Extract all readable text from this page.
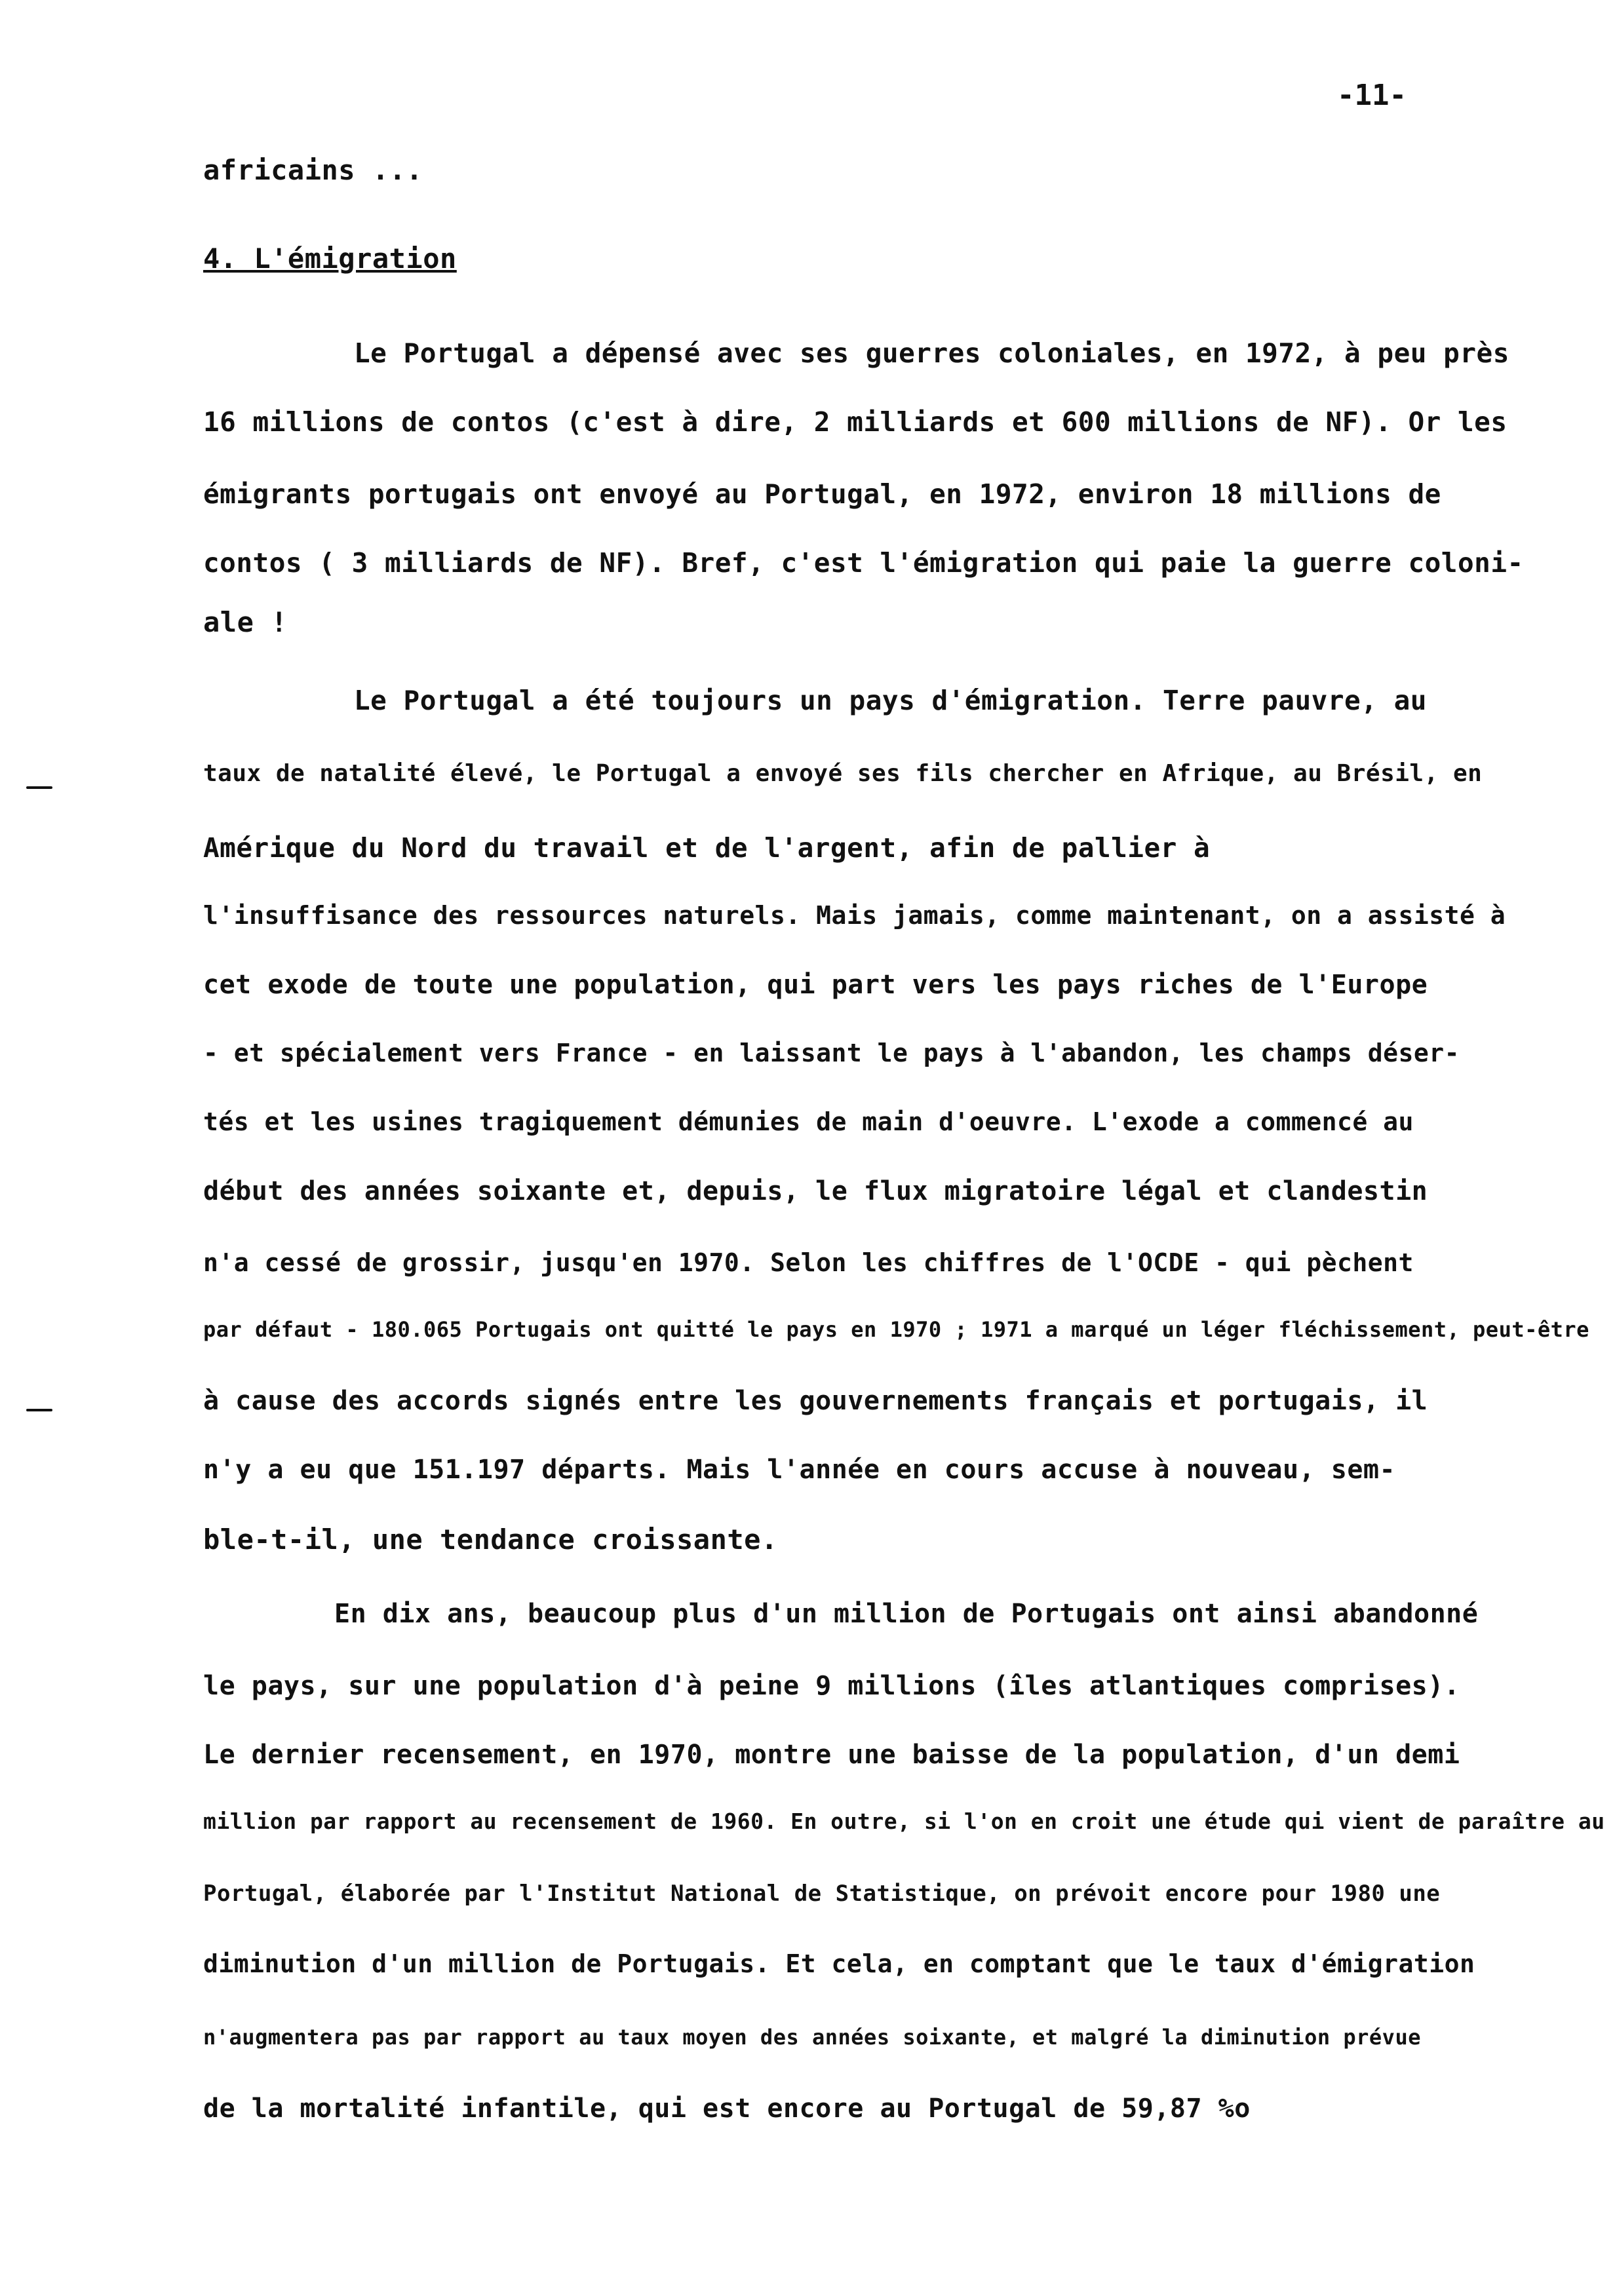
-11-
africains ...
4. L'émigration
Le Portugal a dépensé avec ses guerres coloniales, en 1972, à peu près
16 millions de contos (c'est à dire, 2 milliards et 600 millions de NF). Or les
émigrants portugais ont envoyé au Portugal, en 1972, environ 18 millions de
contos ( 3 milliards de NF). Bref, c'est l'émigration qui paie la guerre coloni-
ale !
Le Portugal a été toujours un pays d'émigration. Terre pauvre, au
taux de natalité élevé, le Portugal a envoyé ses fils chercher en Afrique, au Brésil, en
Amérique du Nord du travail et de l'argent, afin de pallier à
l'insuffisance des ressources naturels. Mais jamais, comme maintenant, on a assisté à
cet exode de toute une population, qui part vers les pays riches de l'Europe
- et spécialement vers France - en laissant le pays à l'abandon, les champs déser-
tés et les usines tragiquement démunies de main d'oeuvre. L'exode a commencé au
début des années soixante et, depuis, le flux migratoire légal et clandestin
n'a cessé de grossir, jusqu'en 1970. Selon les chiffres de l'OCDE - qui pèchent
par défaut - 180.065 Portugais ont quitté le pays en 1970 ; 1971 a marqué un léger fléchissement, peut-être
à cause des accords signés entre les gouvernements français et portugais, il
n'y a eu que 151.197 départs. Mais l'année en cours accuse à nouveau, sem-
ble-t-il, une tendance croissante.
En dix ans, beaucoup plus d'un million de Portugais ont ainsi abandonné
le pays, sur une population d'à peine 9 millions (îles atlantiques comprises).
Le dernier recensement, en 1970, montre une baisse de la population, d'un demi
million par rapport au recensement de 1960. En outre, si l'on en croit une étude qui vient de paraître au
Portugal, élaborée par l'Institut National de Statistique, on prévoit encore pour 1980 une
diminution d'un million de Portugais. Et cela, en comptant que le taux d'émigration
n'augmentera pas par rapport au taux moyen des années soixante, et malgré la diminution prévue
de la mortalité infantile, qui est encore au Portugal de 59,87 %o
